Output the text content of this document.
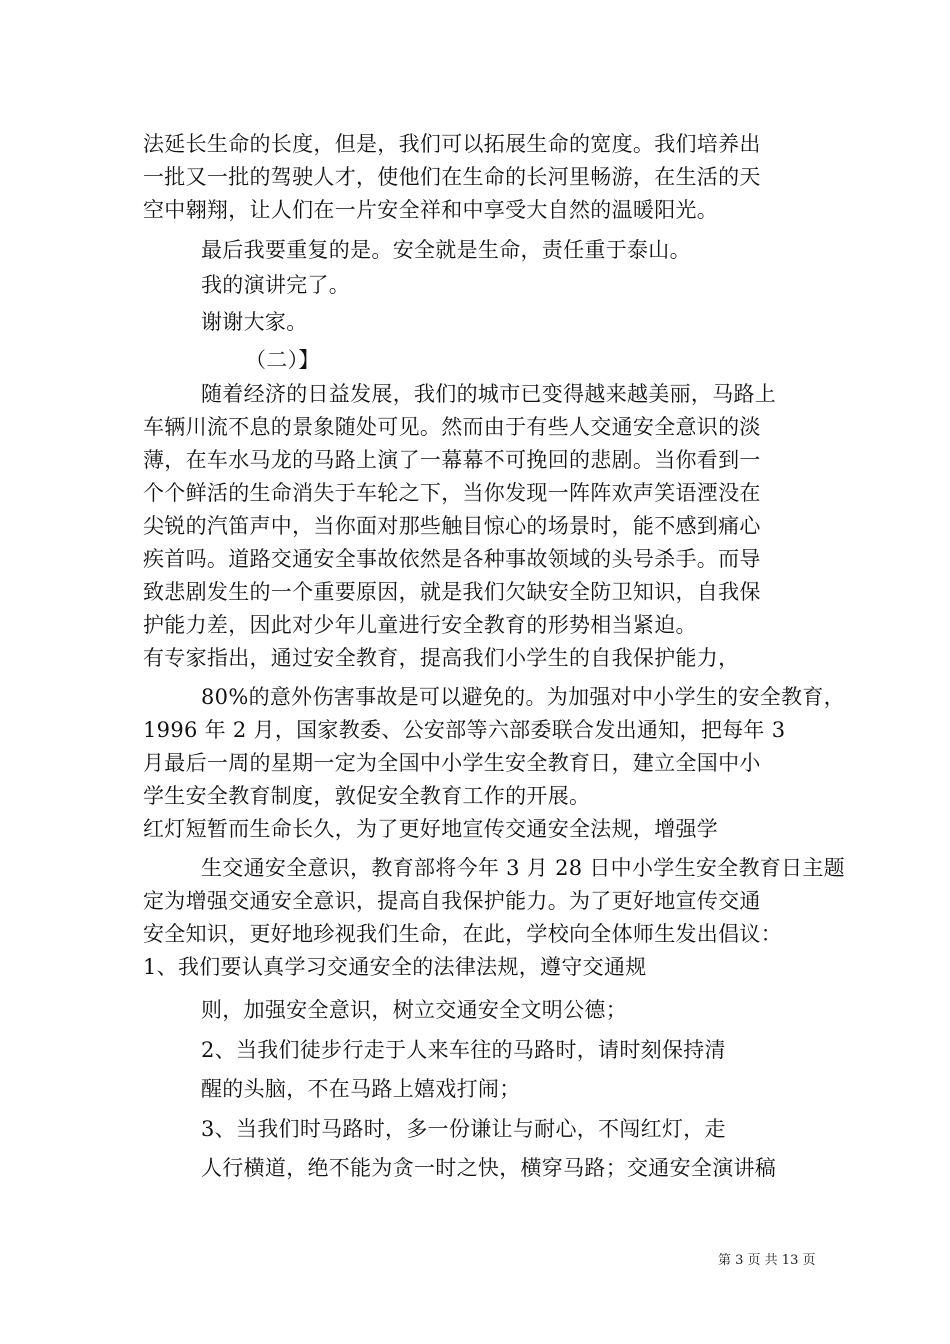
法延长生命的长度，但是，我们可以拓展生命的宽度。我们培养出
一批又一批的驾驶人才，使他们在生命的长河里畅游，在生活的天
空中翱翔，让人们在一片安全祥和中享受大自然的温暖阳光。
最后我要重复的是。安全就是生命，责任重于泰山。
我的演讲完了。
谢谢大家。
（二）】
随着经济的日益发展，我们的城市已变得越来越美丽，马路上
车辆川流不息的景象随处可见。然而由于有些人交通安全意识的淡
薄，在车水马龙的马路上演了一幕幕不可挽回的悲剧。当你看到一
个个鲜活的生命消失于车轮之下，当你发现一阵阵欢声笑语湮没在
尖锐的汽笛声中，当你面对那些触目惊心的场景时，能不感到痛心
疾首吗。道路交通安全事故依然是各种事故领域的头号杀手。而导
致悲剧发生的一个重要原因，就是我们欠缺安全防卫知识，自我保
护能力差，因此对少年儿童进行安全教育的形势相当紧迫。
有专家指出，通过安全教育，提高我们小学生的自我保护能力，
80%的意外伤害事故是可以避免的。为加强对中小学生的安全教育，
1996 年 2 月，国家教委、公安部等六部委联合发出通知，把每年 3
月最后一周的星期一定为全国中小学生安全教育日，建立全国中小
学生安全教育制度，敦促安全教育工作的开展。
红灯短暂而生命长久，为了更好地宣传交通安全法规，增强学
生交通安全意识，教育部将今年 3 月 28 日中小学生安全教育日主题
定为增强交通安全意识，提高自我保护能力。为了更好地宣传交通
安全知识，更好地珍视我们生命，在此，学校向全体师生发出倡议：
1、我们要认真学习交通安全的法律法规，遵守交通规
则，加强安全意识，树立交通安全文明公德；
2、当我们徒步行走于人来车往的马路时，请时刻保持清
醒的头脑，不在马路上嬉戏打闹；
3、当我们时马路时，多一份谦让与耐心，不闯红灯，走
人行横道，绝不能为贪一时之快，横穿马路；交通安全演讲稿
第 3 页 共 13 页
